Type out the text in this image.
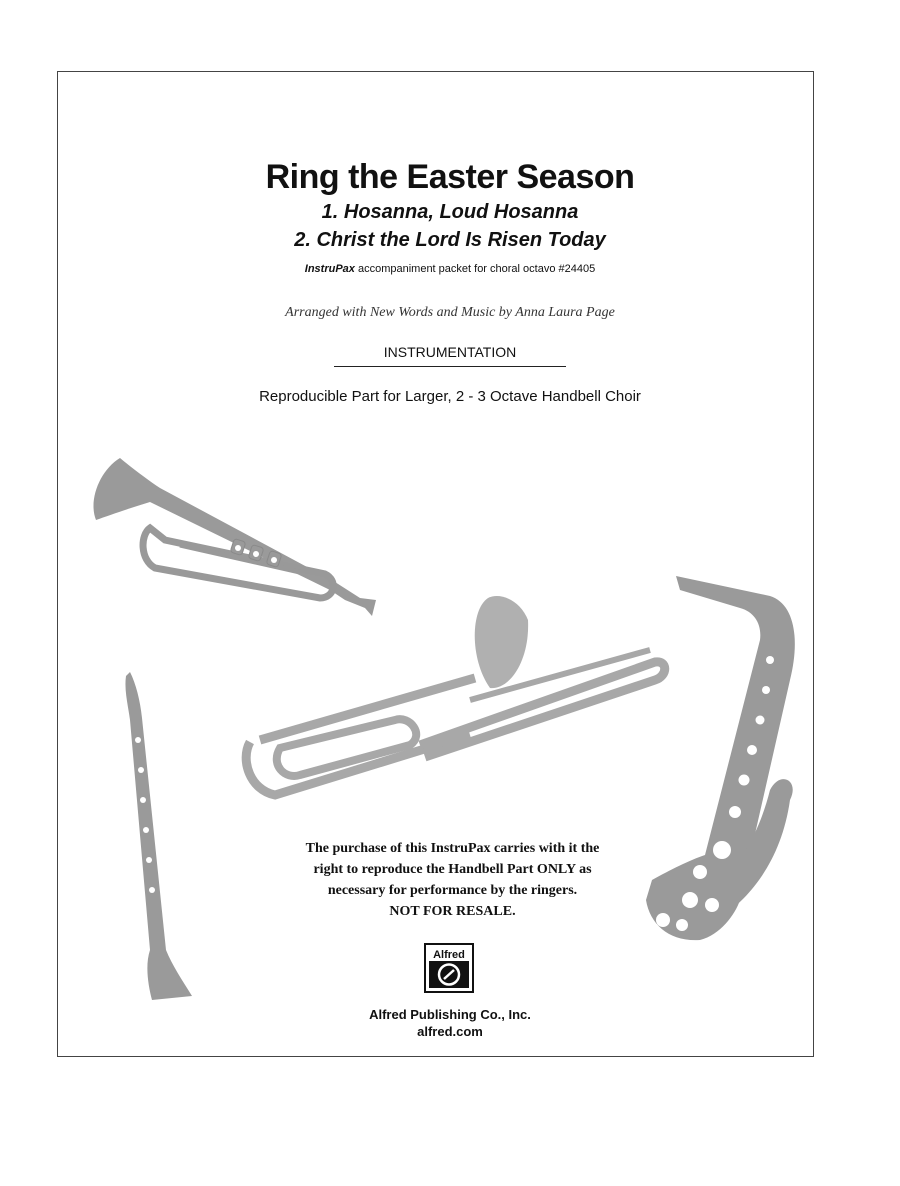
Ring the Easter Season
1. Hosanna, Loud Hosanna
2. Christ the Lord Is Risen Today
InstruPax accompaniment packet for choral octavo #24405
Arranged with New Words and Music by Anna Laura Page
INSTRUMENTATION
Reproducible Part for Larger, 2 - 3 Octave Handbell Choir
The purchase of this InstruPax carries with it the
right to reproduce the Handbell Part ONLY as
necessary for performance by the ringers.
NOT FOR RESALE.
Alfred
Alfred Publishing Co., Inc.
alfred.com
